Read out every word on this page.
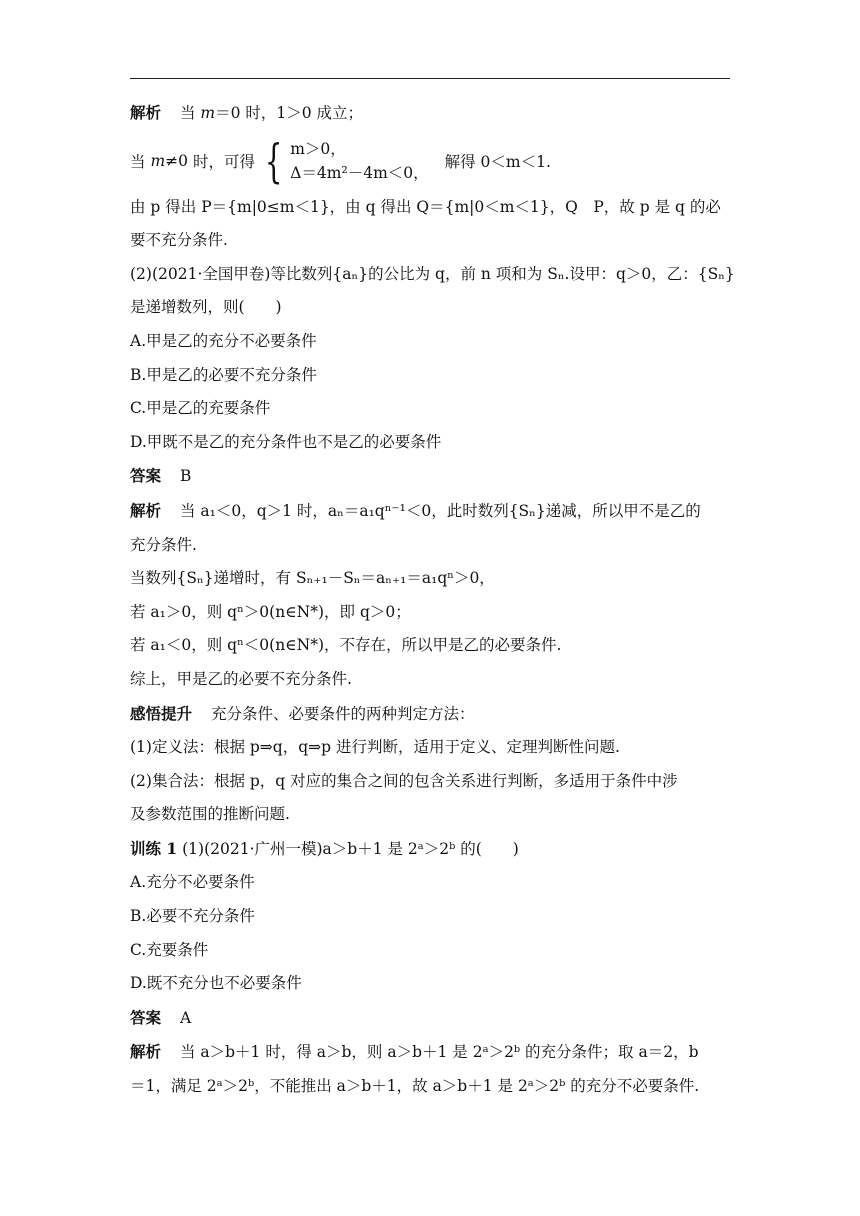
解析 当 m＝0 时，1＞0 成立；
当
m ≠0 时，可得 { m＞0，
Δ＝4m²－4m＜0，
解得 0＜m＜1.
由 p 得出 P＝{m|0≤m＜1}，由 q 得出 Q＝{m|0＜m＜1}，Q　P，故 p 是 q 的必
要不充分条件.
(2)(2021·全国甲卷)等比数列{aₙ}的公比为 q，前 n 项和为 Sₙ.设甲：q＞0，乙：{Sₙ}
是递增数列，则(　　)
A.甲是乙的充分不必要条件
B.甲是乙的必要不充分条件
C.甲是乙的充要条件
D.甲既不是乙的充分条件也不是乙的必要条件
答案 B
解析 当 a₁＜0，q＞1 时，aₙ＝a₁qⁿ⁻¹＜0，此时数列{Sₙ}递减，所以甲不是乙的
充分条件.
当数列{Sₙ}递增时，有 Sₙ₊₁－Sₙ＝aₙ₊₁＝a₁qⁿ＞0，
若 a₁＞0，则 qⁿ＞0(n∈N*)，即 q＞0；
若 a₁＜0，则 qⁿ＜0(n∈N*)，不存在，所以甲是乙的必要条件.
综上，甲是乙的必要不充分条件.
感悟提升 充分条件、必要条件的两种判定方法：
(1)定义法：根据 p⇒q，q⇒p 进行判断，适用于定义、定理判断性问题.
(2)集合法：根据 p，q 对应的集合之间的包含关系进行判断，多适用于条件中涉
及参数范围的推断问题.
训练 1 (1)(2021·广州一模)a＞b＋1 是 2ᵃ＞2ᵇ 的(　　)
A.充分不必要条件
B.必要不充分条件
C.充要条件
D.既不充分也不必要条件
答案 A
解析 当 a＞b＋1 时，得 a＞b，则 a＞b＋1 是 2ᵃ＞2ᵇ 的充分条件；取 a＝2，b
＝1，满足 2ᵃ＞2ᵇ，不能推出 a＞b＋1，故 a＞b＋1 是 2ᵃ＞2ᵇ 的充分不必要条件.
